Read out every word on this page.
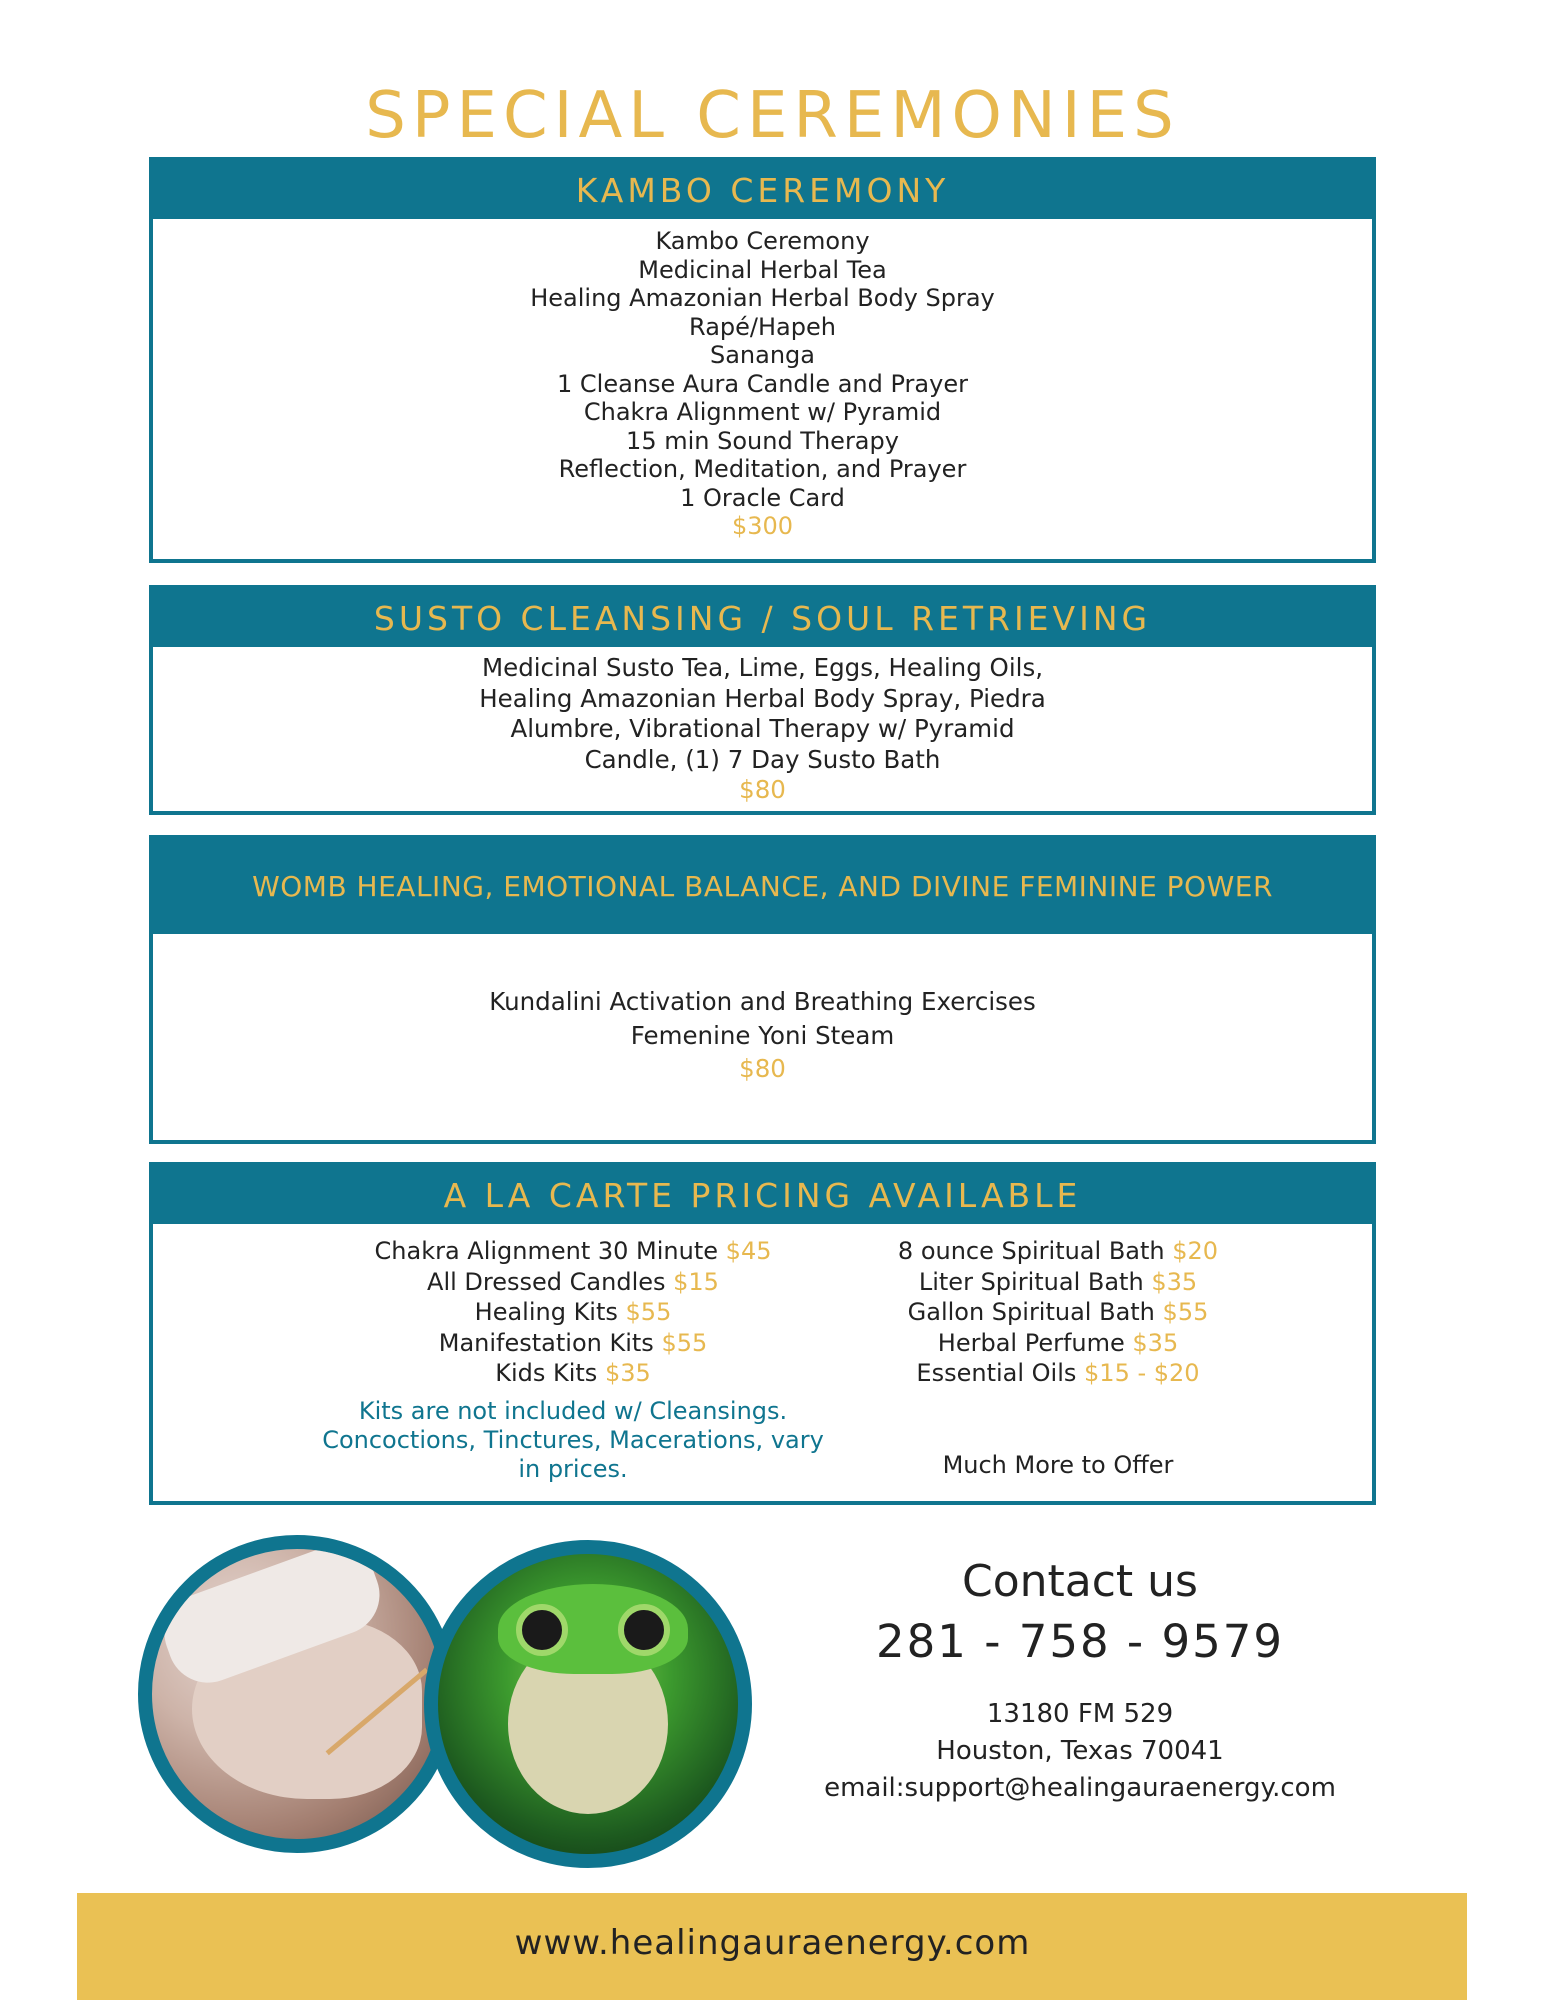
SPECIAL CEREMONIES
KAMBO CEREMONY
Kambo Ceremony
Medicinal Herbal Tea
Healing Amazonian Herbal Body Spray
Rapé/Hapeh
Sananga
1 Cleanse Aura Candle and Prayer
Chakra Alignment w/ Pyramid
15 min Sound Therapy
Reflection, Meditation, and Prayer
1 Oracle Card
$300
SUSTO CLEANSING / SOUL RETRIEVING
Medicinal Susto Tea, Lime, Eggs, Healing Oils,
Healing Amazonian Herbal Body Spray, Piedra
Alumbre, Vibrational Therapy w/ Pyramid
Candle, (1) 7 Day Susto Bath
$80
WOMB HEALING, EMOTIONAL BALANCE, AND DIVINE FEMININE POWER
Kundalini Activation and Breathing Exercises
Femenine Yoni Steam
$80
A LA CARTE PRICING AVAILABLE
Chakra Alignment 30 Minute $45
All Dressed Candles $15
Healing Kits $55
Manifestation Kits $55
Kids Kits $35
Kits are not included w/ Cleansings.
Concoctions, Tinctures, Macerations, vary
in prices.
8 ounce Spiritual Bath $20
Liter Spiritual Bath $35
Gallon Spiritual Bath $55
Herbal Perfume $35
Essential Oils $15 - $20
Much More to Offer
Contact us
281 - 758 - 9579
13180 FM 529
Houston, Texas 70041
email:support@healingauraenergy.com
www.healingauraenergy.com
